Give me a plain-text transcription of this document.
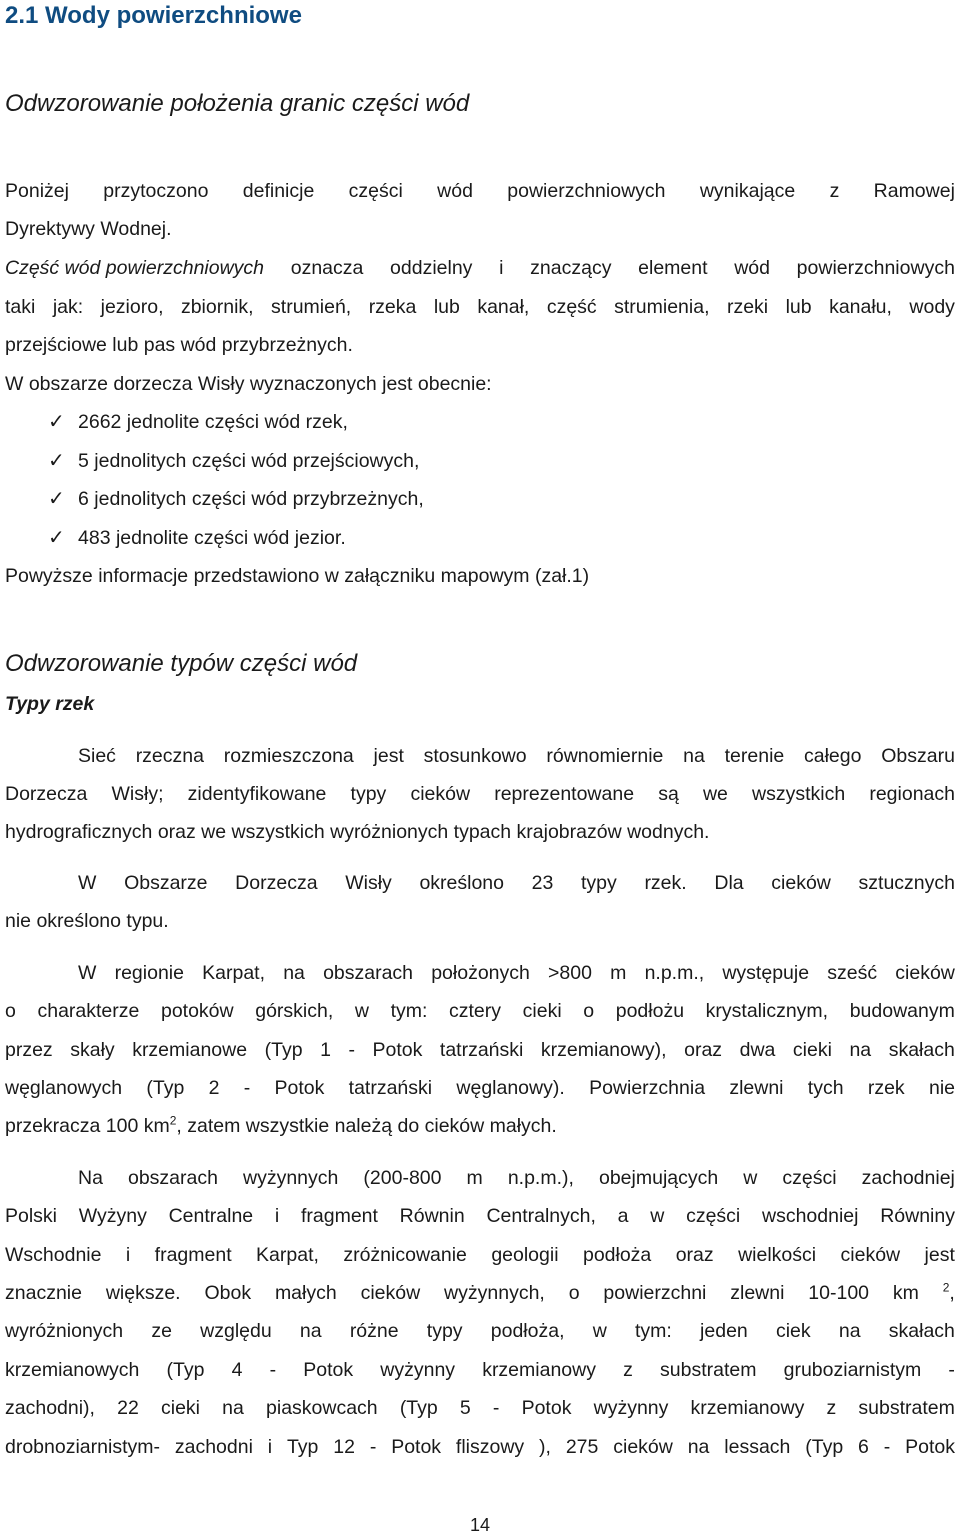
2.1 Wody powierzchniowe
Odwzorowanie położenia granic części wód
Poniżej przytoczono definicje części wód powierzchniowych wynikające z Ramowej
Dyrektywy Wodnej.
Część wód powierzchniowych oznacza oddzielny i znaczący element wód powierzchniowych
taki jak: jezioro, zbiornik, strumień, rzeka lub kanał, część strumienia, rzeki lub kanału, wody
przejściowe lub pas wód przybrzeżnych.
W obszarze dorzecza Wisły wyznaczonych jest obecnie:
✓ 2662 jednolite części wód rzek,
✓ 5 jednolitych części wód przejściowych,
✓ 6 jednolitych części wód przybrzeżnych,
✓ 483 jednolite części wód jezior.
Powyższe informacje przedstawiono w załączniku mapowym (zał.1)
Odwzorowanie typów części wód
Typy rzek
Sieć rzeczna rozmieszczona jest stosunkowo równomiernie na terenie całego Obszaru
Dorzecza Wisły; zidentyfikowane typy cieków reprezentowane są we wszystkich regionach
hydrograficznych oraz we wszystkich wyróżnionych typach krajobrazów wodnych.
W Obszarze Dorzecza Wisły określono 23 typy rzek. Dla cieków sztucznych
nie określono typu.
W regionie Karpat, na obszarach położonych >800 m n.p.m., występuje sześć cieków
o charakterze potoków górskich, w tym: cztery cieki o podłożu krystalicznym, budowanym
przez skały krzemianowe (Typ 1 - Potok tatrzański krzemianowy), oraz dwa cieki na skałach
węglanowych (Typ 2 - Potok tatrzański węglanowy). Powierzchnia zlewni tych rzek nie
przekracza 100 $km^2$, zatem wszystkie należą do cieków małych.
Na obszarach wyżynnych (200-800 m n.p.m.), obejmujących w części zachodniej
Polski Wyżyny Centralne i fragment Równin Centralnych, a w części wschodniej Równiny
Wschodnie i fragment Karpat, zróżnicowanie geologii podłoża oraz wielkości cieków jest
znacznie większe. Obok małych cieków wyżynnych, o powierzchni zlewni 10-100 km $^2$,
wyróżnionych ze względu na różne typy podłoża, w tym: jeden ciek na skałach
krzemianowych (Typ 4 - Potok wyżynny krzemianowy z substratem gruboziarnistym -
zachodni), 22 cieki na piaskowcach (Typ 5 - Potok wyżynny krzemianowy z substratem
drobnoziarnistym- zachodni i Typ 12 - Potok fliszowy ), 275 cieków na lessach (Typ 6 - Potok
14
